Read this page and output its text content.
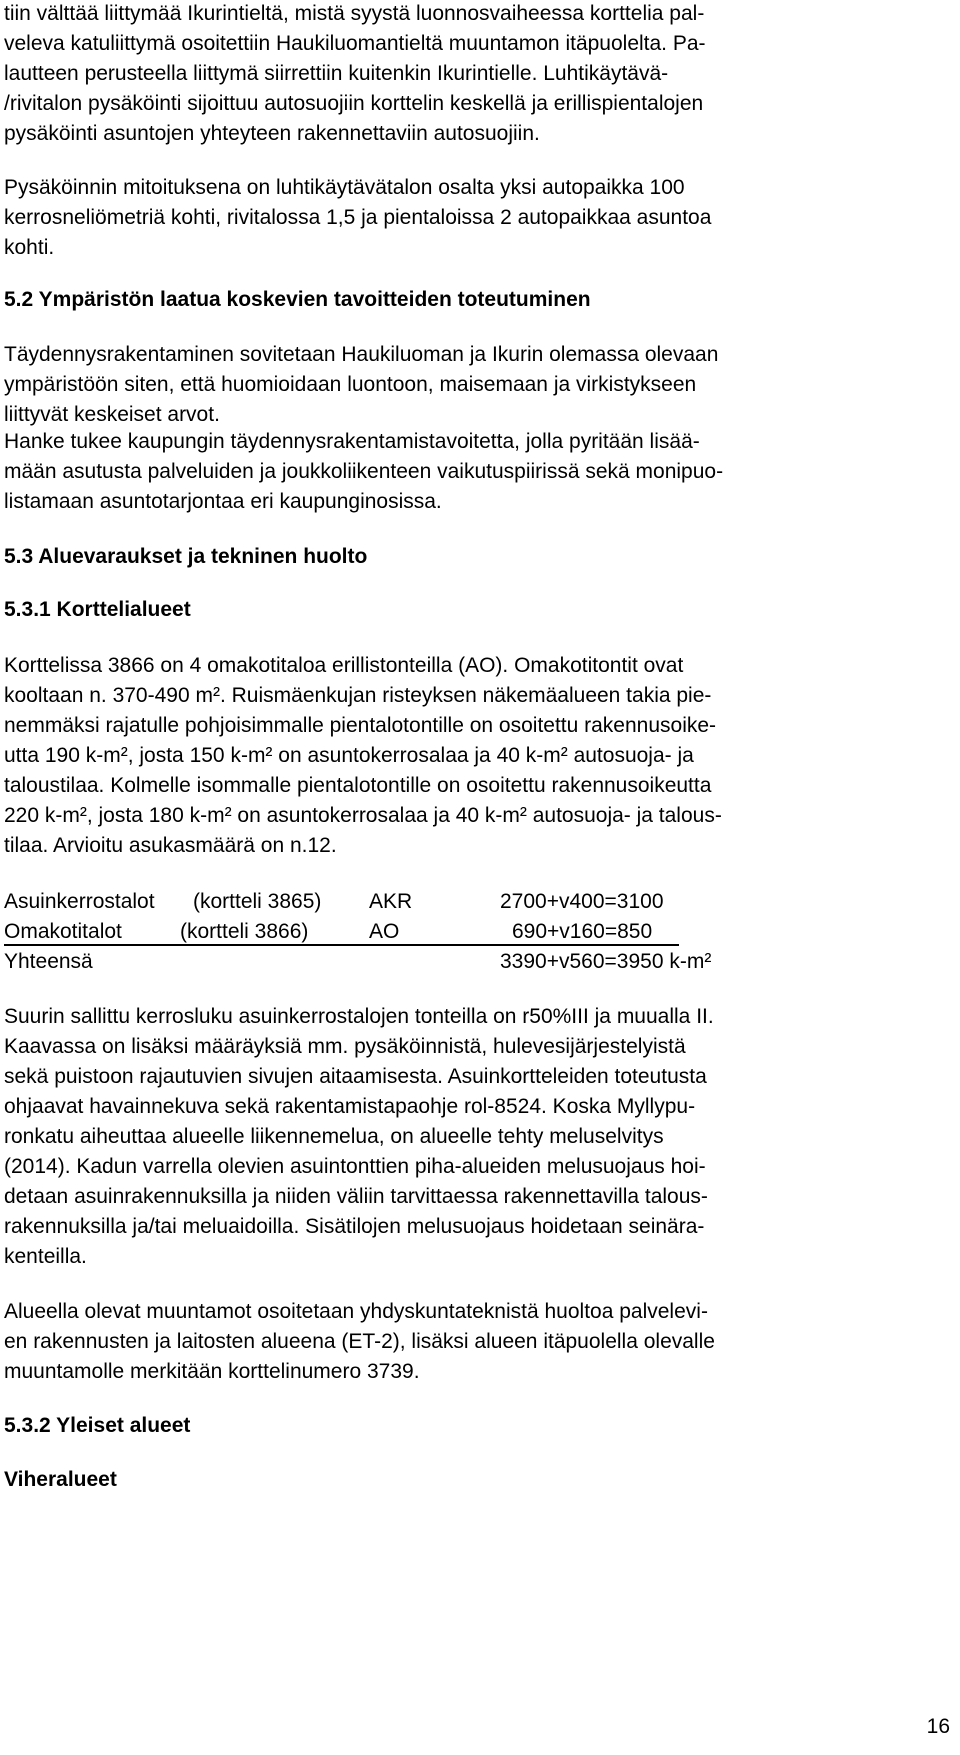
tiin välttää liittymää Ikurintieltä, mistä syystä luonnosvaiheessa korttelia pal-
veleva katuliittymä osoitettiin Haukiluomantieltä muuntamon itäpuolelta. Pa-
lautteen perusteella liittymä siirrettiin kuitenkin Ikurintielle. Luhtikäytävä-
/rivitalon pysäköinti sijoittuu autosuojiin korttelin keskellä ja erillispientalojen
pysäköinti asuntojen yhteyteen rakennettaviin autosuojiin.
Pysäköinnin mitoituksena on luhtikäytävätalon osalta yksi autopaikka 100
kerrosneliömetriä kohti, rivitalossa 1,5 ja pientaloissa 2 autopaikkaa asuntoa
kohti.
5.2 Ympäristön laatua koskevien tavoitteiden toteutuminen
Täydennysrakentaminen sovitetaan Haukiluoman ja Ikurin olemassa olevaan
ympäristöön siten, että huomioidaan luontoon, maisemaan ja virkistykseen
liittyvät keskeiset arvot.
Hanke tukee kaupungin täydennysrakentamistavoitetta, jolla pyritään lisää-
mään asutusta palveluiden ja joukkoliikenteen vaikutuspiirissä sekä monipuo-
listamaan asuntotarjontaa eri kaupunginosissa.
5.3 Aluevaraukset ja tekninen huolto
5.3.1 Korttelialueet
Korttelissa 3866 on 4 omakotitaloa erillistonteilla (AO). Omakotitontit ovat
kooltaan n. 370-490 m². Ruismäenkujan risteyksen näkemäalueen takia pie-
nemmäksi rajatulle pohjoisimmalle pientalotontille on osoitettu rakennusoike-
utta 190 k-m², josta 150 k-m² on asuntokerrosalaa ja 40 k-m² autosuoja- ja
taloustilaa. Kolmelle isommalle pientalotontille on osoitettu rakennusoikeutta
220 k-m², josta 180 k-m² on asuntokerrosalaa ja 40 k-m² autosuoja- ja talous-
tilaa. Arvioitu asukasmäärä on n.12.
Asuinkerrostalot (kortteli 3865) AKR	2700+v400=3100
Omakotitalot	(kortteli 3866)	AO	690+v160=850
Yhteensä	3390+v560=3950 k-m²
Suurin sallittu kerrosluku asuinkerrostalojen tonteilla on r50%III ja muualla II.
Kaavassa on lisäksi määräyksiä mm. pysäköinnistä, hulevesijärjestelyistä
sekä puistoon rajautuvien sivujen aitaamisesta. Asuinkortteleiden toteutusta
ohjaavat havainnekuva sekä rakentamistapaohje rol-8524. Koska Myllypu-
ronkatu aiheuttaa alueelle liikennemelua, on alueelle tehty meluselvitys
(2014). Kadun varrella olevien asuintonttien piha-alueiden melusuojaus hoi-
detaan asuinrakennuksilla ja niiden väliin tarvittaessa rakennettavilla talous-
rakennuksilla ja/tai meluaidoilla. Sisätilojen melusuojaus hoidetaan seinära-
kenteilla.
Alueella olevat muuntamot osoitetaan yhdyskuntateknistä huoltoa palvelevi-
en rakennusten ja laitosten alueena (ET-2), lisäksi alueen itäpuolella olevalle
muuntamolle merkitään korttelinumero 3739.
5.3.2 Yleiset alueet
Viheralueet
16
